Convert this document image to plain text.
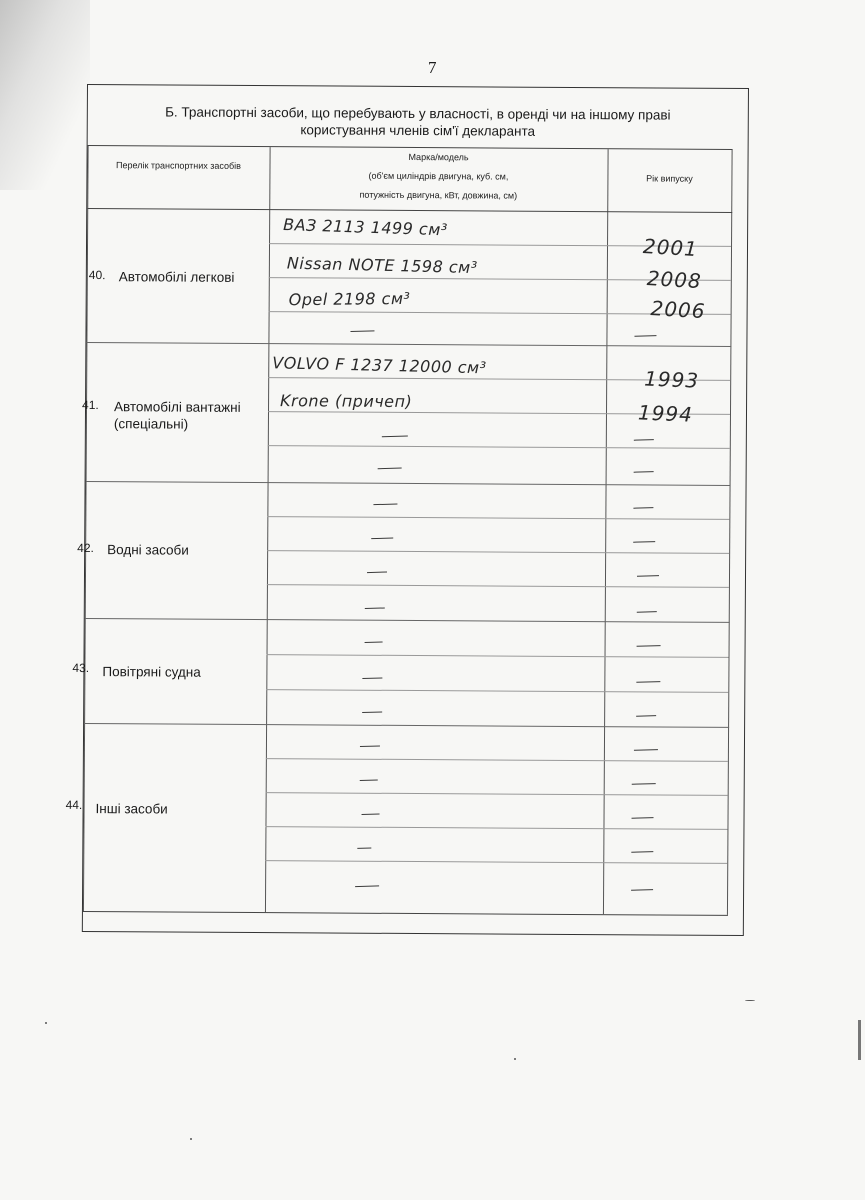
7
Б. Транспортні засоби, що перебувають у власності, в оренді чи на іншому праві
користування членів сім'ї декларанта
Перелік транспортних засобів
Марка/модель
(об'єм циліндрів двигуна, куб. см,
потужність двигуна, кВт, довжина, см)
Рік випуску
40. Автомобілі легкові
41. Автомобілі вантажні
(спеціальні)
42. Водні засоби
43. Повітряні судна
44. Інші засоби
ВАЗ 2113 1499 см³
2001
Nissan NOTE 1598 см³
2008
Opel 2198 см³	2006
VOLVO F 1237 12000 см³
1993
Krone (причеп)	1994
